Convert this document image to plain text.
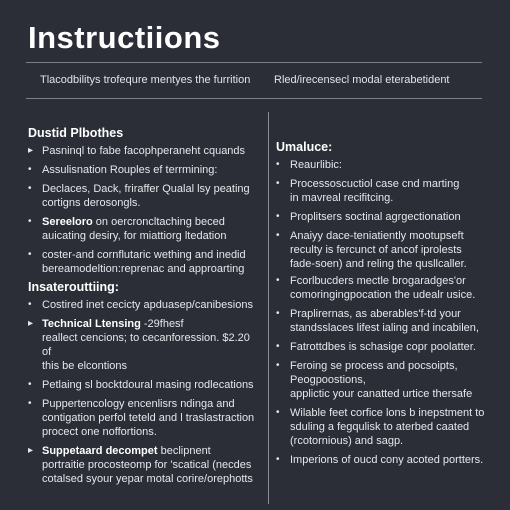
Instructiions
Tlacodbilitys trofequre mentyes the furrition Rled/irecensecl modal eterabetident
Dustid Plbothes
▸ Pasninql to fabe facophperaneht cquands
• Assulisnation Rouples ef terrmining:
• Declaces, Dack, friraffer Qualal lsy peating
cortigns derosongls.
• Sereeloro on oercroncltaching beced
auicating desiry, for miattiorg ltedation
• coster-and cornflutaric wething and inedid
bereamodeltion:reprenac and approarting
Insaterouttiing:
• Costired inet cecicty apduasep/canibesions
▸ Technical Ltensing -29fhesf
reallect cencions; to cecanforession. $2.20 of
this be elcontions
• Petlaing sl bocktdoural masing rodlecations
• Puppertencology encenlisrs ndinga and
contigation perfol teteld and l traslastraction
procect one noffortions.
▸ Suppetaard decompet beclipnent
portraitie procosteomp for 'scatical (necdes
cotalsed syour yepar motal corire/orephotts
Umaluce:
• Reaurlibic:
• Processoscuctiol case cnd marting
in mavreal recifitcing.
• Proplitsers soctinal agrgectionation
• Anaiyy dace-teniatiently mootupseft
reculty is fercunct of ancof iprolests
fade-soen) and reling the qusllcaller.
• Fcorlbucders mectle brogaradges'or
comoringingpocation the udealr usice.
• Praplirernas, as aberables'f-td your
standsslaces lifest ialing and incabilen,
• Fatrottdbes is schasige copr poolatter.
• Feroing se process and pocsoipts,
Peogpoostions,
applictic your canatted urtice thersafe
• Wilable feet corfice lons b inepstment to
sduling a fegqulisk to aterbed caated
(rcotornious) and sagp.
• Imperions of oucd cony acoted portters.
